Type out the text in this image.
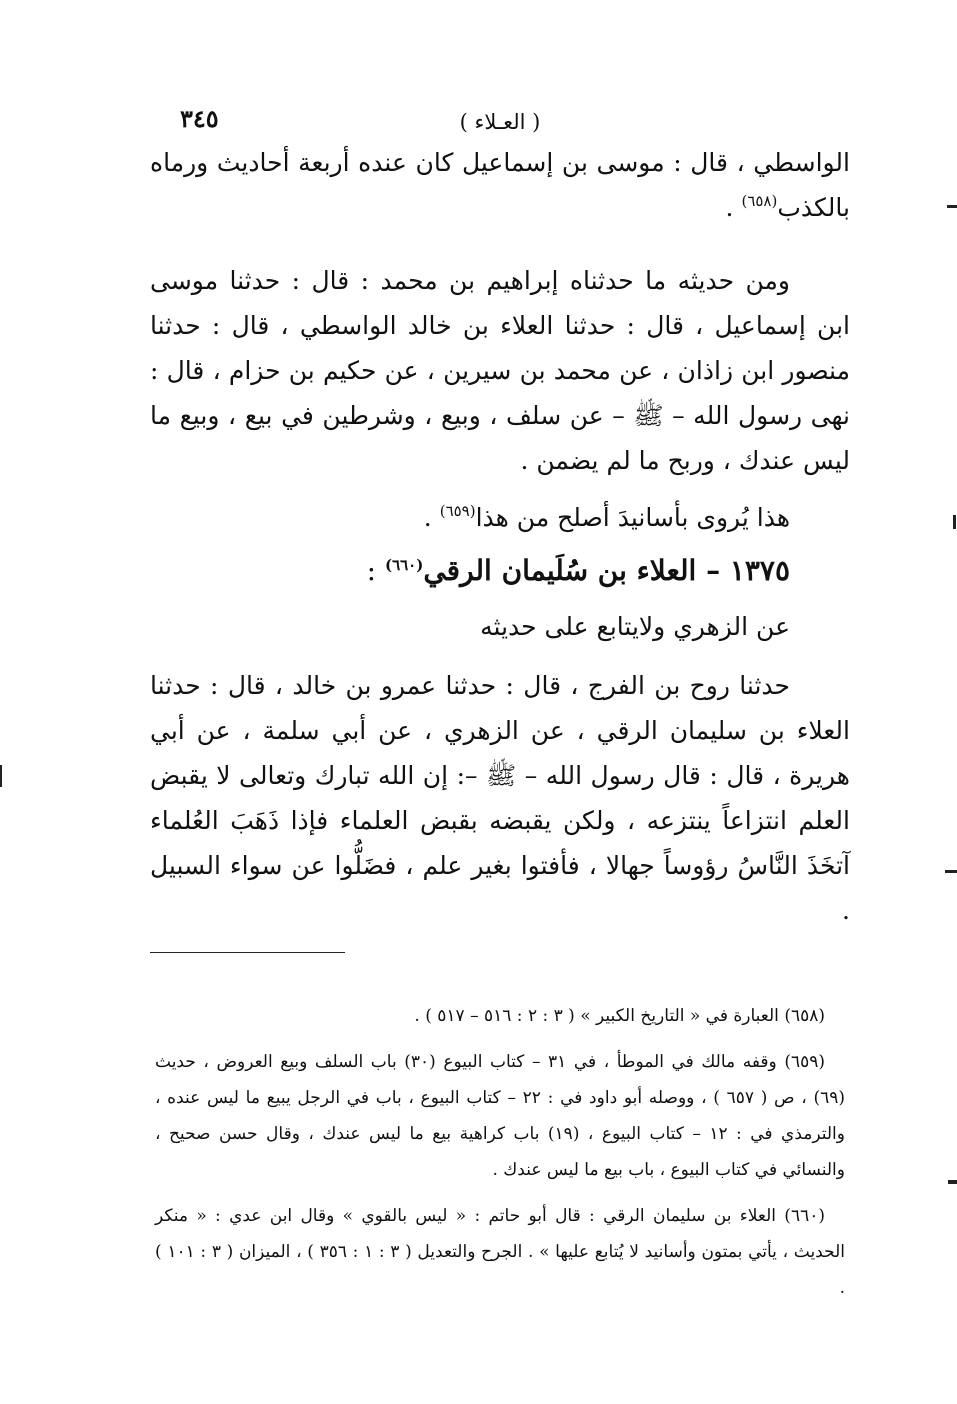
٣٤٥	( العـلاء )

الواسطي ، قال : موسى بن إسماعيل كان عنده أربعة أحاديث ورماه بالكذب$^{(٦٥٨)}$ .

ومن حديثه ما حدثناه إبراهيم بن محمد : قال : حدثنا موسى ابن إسماعيل ، قال : حدثنا العلاء بن خالد الواسطي ، قال : حدثنا منصور ابن زاذان ، عن محمد بن سيرين ، عن حكيم بن حزام ، قال : نهى رسول الله – ﷺ – عن سلف ، وبيع ، وشرطين في بيع ، وبيع ما ليس عندك ، وربح ما لم يضمن .

هذا يُروى بأسانيدَ أصلح من هذا$^{(٦٥٩)}$ .

١٣٧٥ – العلاء بن سُلَيمان الرقي$^{(٦٦٠)}$ :

عن الزهري ولايتابع على حديثه

حدثنا روح بن الفرج ، قال : حدثنا عمرو بن خالد ، قال : حدثنا العلاء بن سليمان الرقي ، عن الزهري ، عن أبي سلمة ، عن أبي هريرة ، قال : قال رسول الله – ﷺ –: إن الله تبارك وتعالى لا يقبض العلم انتزاعاً ينتزعه ، ولكن يقبضه بقبض العلماء فإذا ذَهَبَ العُلماء آتخَذَ النَّاسُ رؤوساً جهالا ، فأفتوا بغير علم ، فضَلُّوا عن سواء السبيل .

(٦٥٨) العبارة في « التاريخ الكبير » ( ٣ : ٢ : ٥١٦ – ٥١٧ ) .

(٦٥٩) وقفه مالك في الموطأ ، في ٣١ – كتاب البيوع (٣٠) باب السلف وبيع العروض ، حديث (٦٩) ، ص ( ٦٥٧ ) ، ووصله أبو داود في : ٢٢ – كتاب البيوع ، باب في الرجل يبيع ما ليس عنده ، والترمذي في : ١٢ – كتاب البيوع ، (١٩) باب كراهية بيع ما ليس عندك ، وقال حسن صحيح ، والنسائي في كتاب البيوع ، باب بيع ما ليس عندك .

(٦٦٠) العلاء بن سليمان الرقي : قال أبو حاتم : « ليس بالقوي » وقال ابن عدي : « منكر الحديث ، يأتي بمتون وأسانيد لا يُتابع عليها » . الجرح والتعديل ( ٣ : ١ : ٣٥٦ ) ، الميزان ( ٣ : ١٠١ ) .
